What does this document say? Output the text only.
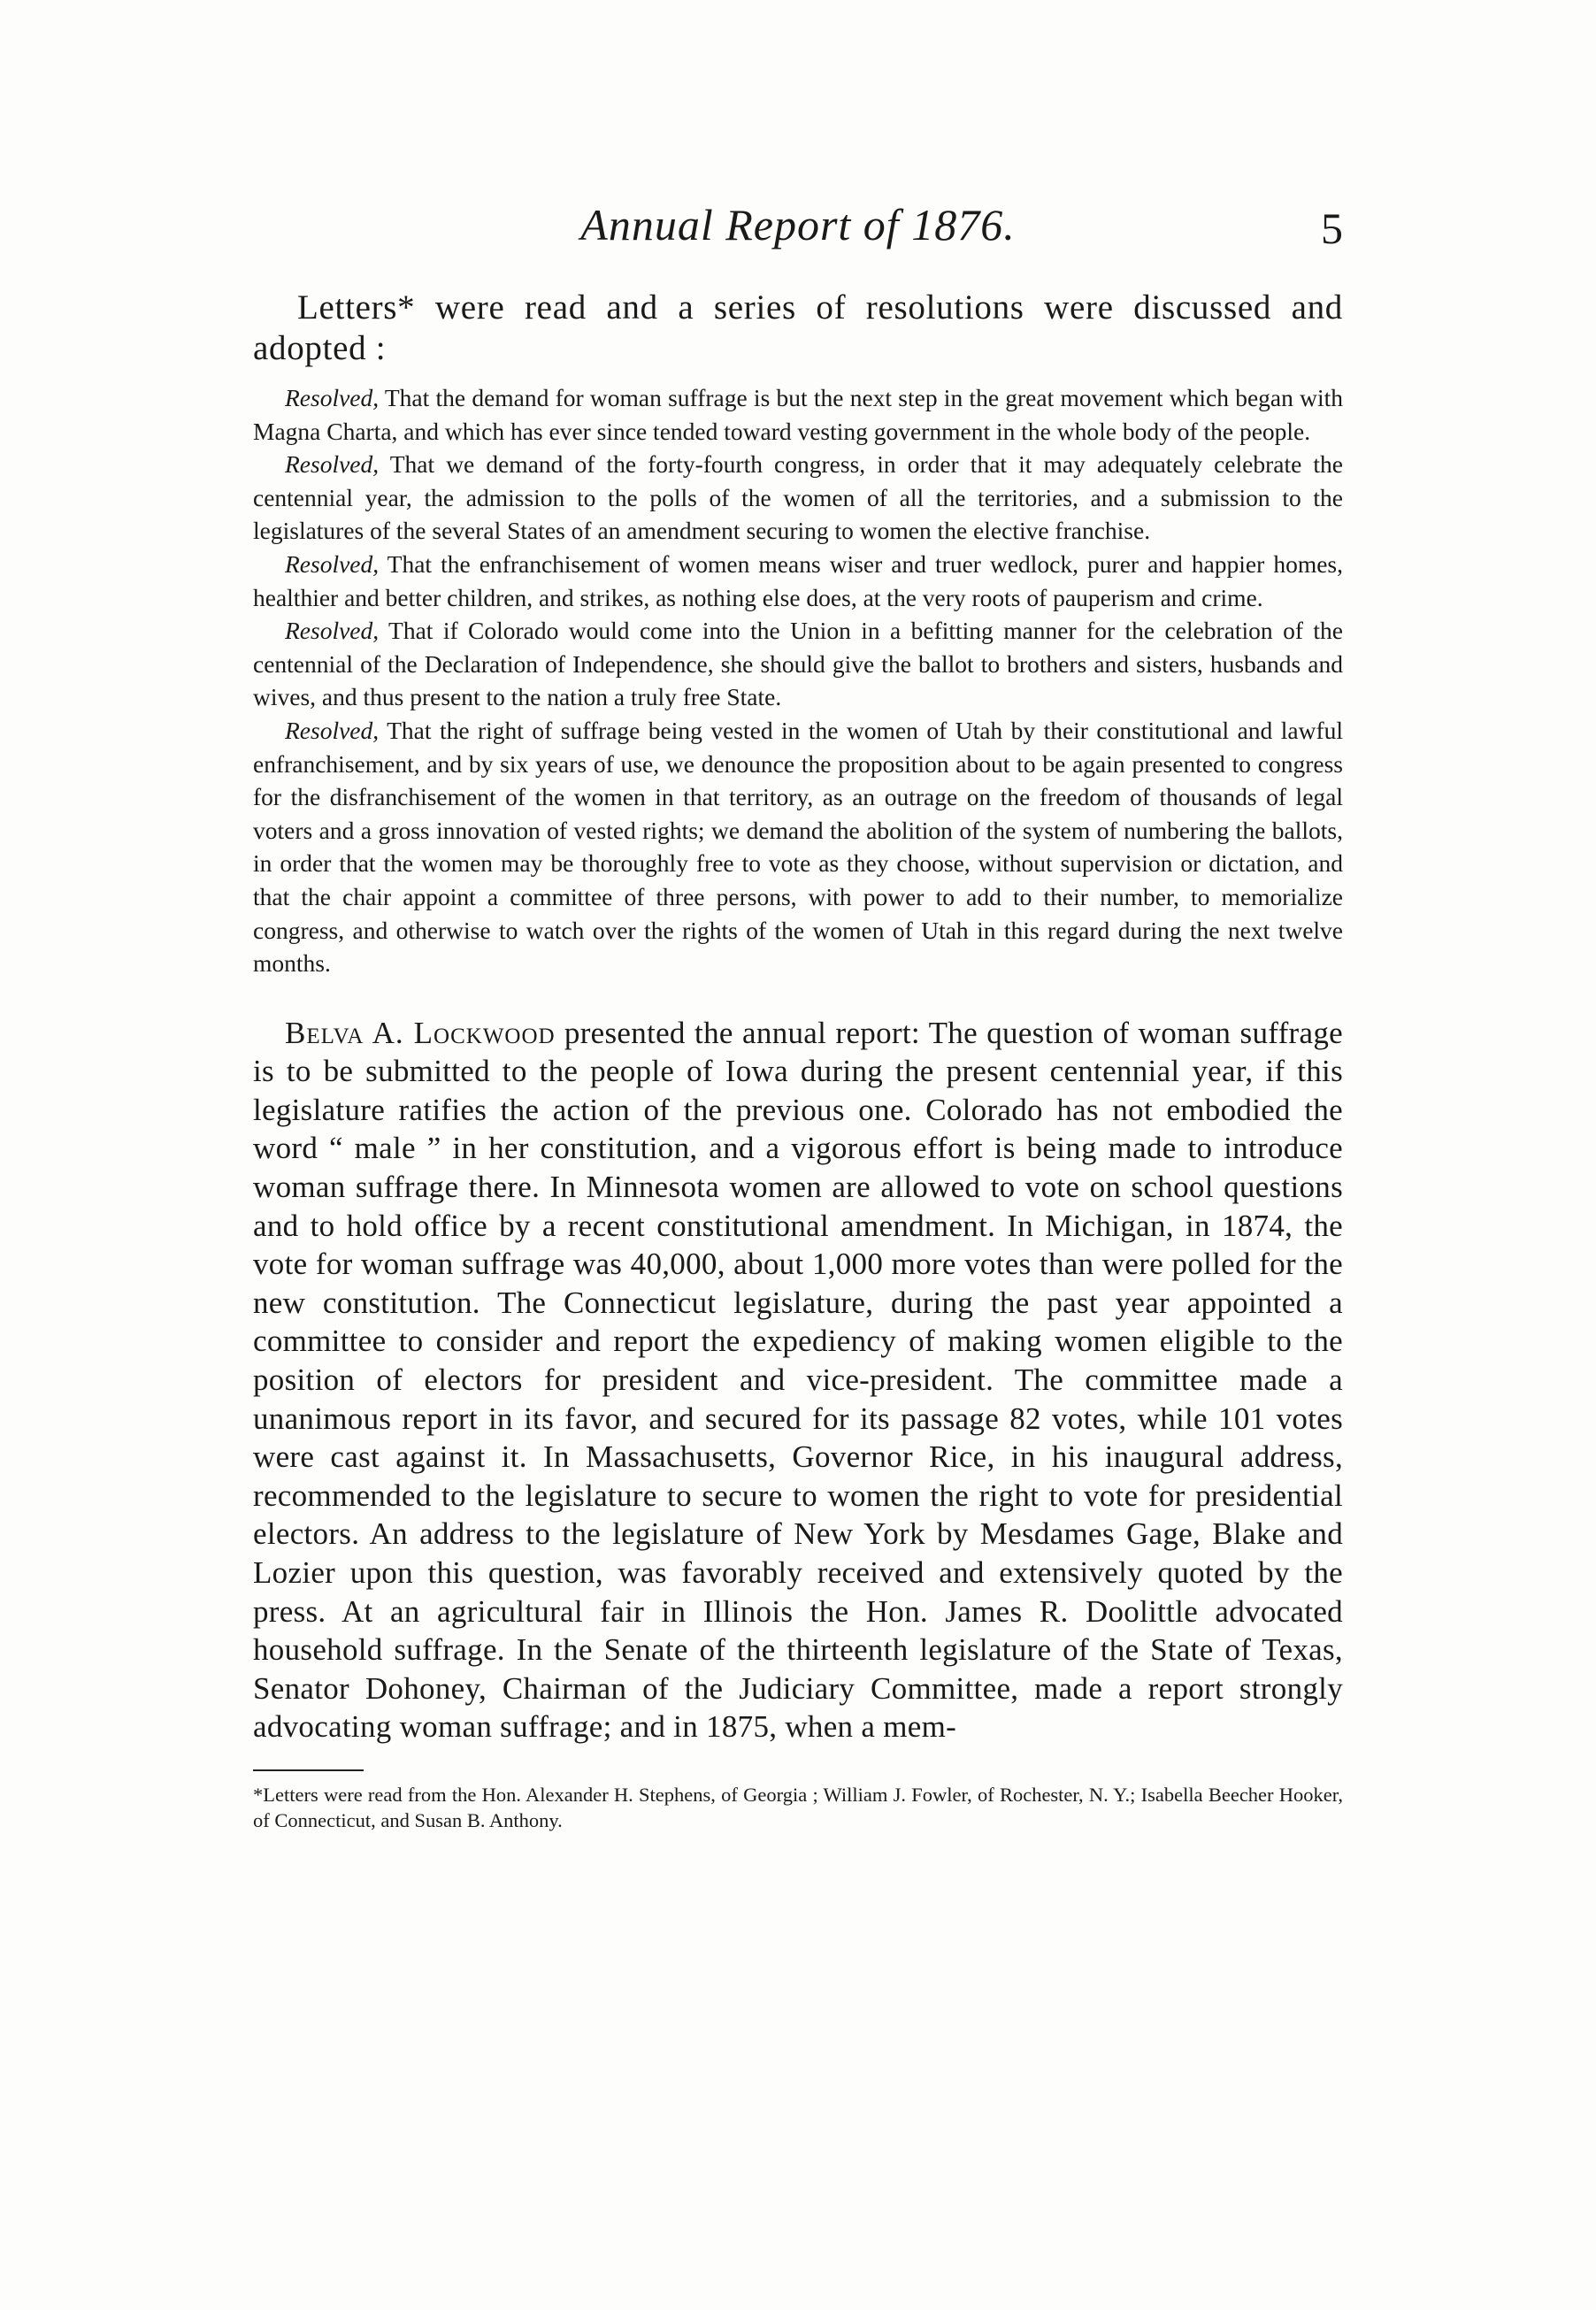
Annual Report of 1876.	5

Letters* were read and a series of resolutions were discussed and adopted :

Resolved, That the demand for woman suffrage is but the next step in the great movement which began with Magna Charta, and which has ever since tended toward vesting government in the whole body of the people.

Resolved, That we demand of the forty-fourth congress, in order that it may adequately celebrate the centennial year, the admission to the polls of the women of all the territories, and a submission to the legislatures of the several States of an amendment securing to women the elective franchise.

Resolved, That the enfranchisement of women means wiser and truer wedlock, purer and happier homes, healthier and better children, and strikes, as nothing else does, at the very roots of pauperism and crime.

Resolved, That if Colorado would come into the Union in a befitting manner for the celebration of the centennial of the Declaration of Independence, she should give the ballot to brothers and sisters, husbands and wives, and thus present to the nation a truly free State.

Resolved, That the right of suffrage being vested in the women of Utah by their constitutional and lawful enfranchisement, and by six years of use, we denounce the proposition about to be again presented to congress for the disfranchisement of the women in that territory, as an outrage on the freedom of thousands of legal voters and a gross innovation of vested rights; we demand the abolition of the system of numbering the ballots, in order that the women may be thoroughly free to vote as they choose, without supervision or dictation, and that the chair appoint a committee of three persons, with power to add to their number, to memorialize congress, and otherwise to watch over the rights of the women of Utah in this regard during the next twelve months.

Belva A. Lockwood presented the annual report: The question of woman suffrage is to be submitted to the people of Iowa during the present centennial year, if this legislature ratifies the action of the previous one. Colorado has not embodied the word “ male ” in her constitution, and a vigorous effort is being made to introduce woman suffrage there. In Minnesota women are allowed to vote on school questions and to hold office by a recent constitutional amendment. In Michigan, in 1874, the vote for woman suffrage was 40,000, about 1,000 more votes than were polled for the new constitution. The Connecticut legislature, during the past year appointed a committee to consider and report the expediency of making women eligible to the position of electors for president and vice-president. The committee made a unanimous report in its favor, and secured for its passage 82 votes, while 101 votes were cast against it. In Massachusetts, Governor Rice, in his inaugural address, recommended to the legislature to secure to women the right to vote for presidential electors. An address to the legislature of New York by Mesdames Gage, Blake and Lozier upon this question, was favorably received and extensively quoted by the press. At an agricultural fair in Illinois the Hon. James R. Doolittle advocated household suffrage. In the Senate of the thirteenth legislature of the State of Texas, Senator Dohoney, Chairman of the Judiciary Committee, made a report strongly advocating woman suffrage; and in 1875, when a mem-

*Letters were read from the Hon. Alexander H. Stephens, of Georgia ; William J. Fowler, of Rochester, N. Y.; Isabella Beecher Hooker, of Connecticut, and Susan B. Anthony.
